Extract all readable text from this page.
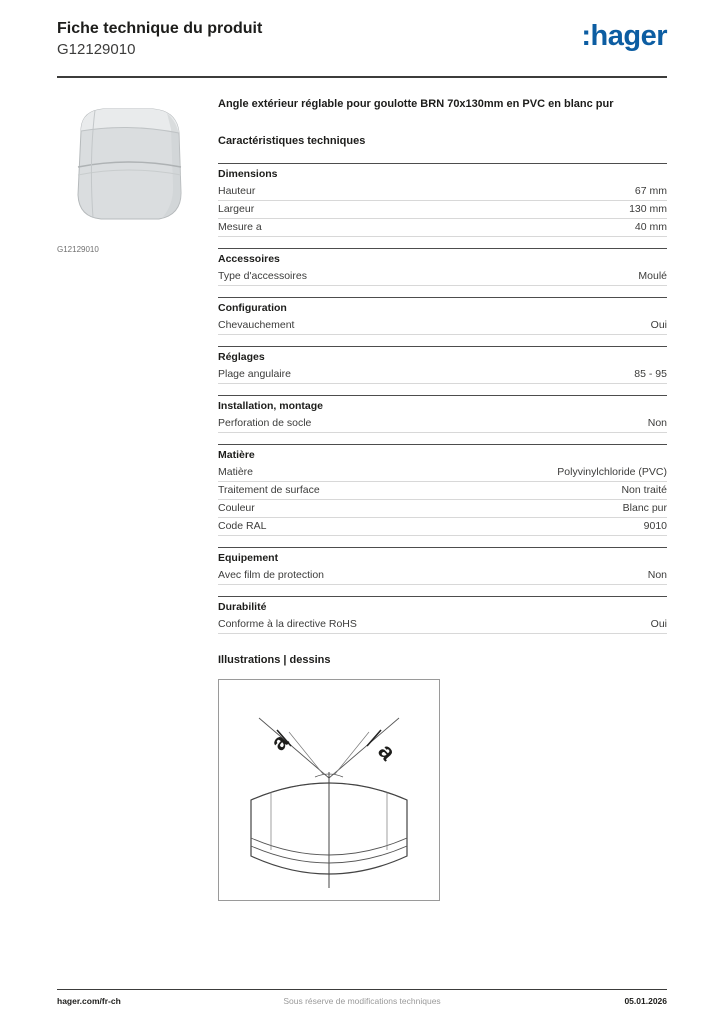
Fiche technique du produit
G12129010	:hager
G12129010
Angle extérieur réglable pour goulotte BRN 70x130mm en PVC en blanc pur
Caractéristiques techniques
Dimensions
Hauteur	67 mm
Largeur	130 mm
Mesure a	40 mm
Accessoires
Type d'accessoires	Moulé
Configuration
Chevauchement	Oui
Réglages
Plage angulaire	85 - 95
Installation, montage
Perforation de socle	Non
Matière
Matière	Polyvinylchloride (PVC)
Traitement de surface	Non traité
Couleur	Blanc pur
Code RAL	9010
Equipement
Avec film de protection	Non
Durabilité
Conforme à la directive RoHS	Oui
Illustrations | dessins
a	a
hager.com/fr-ch	Sous réserve de modifications techniques	05.01.2026
